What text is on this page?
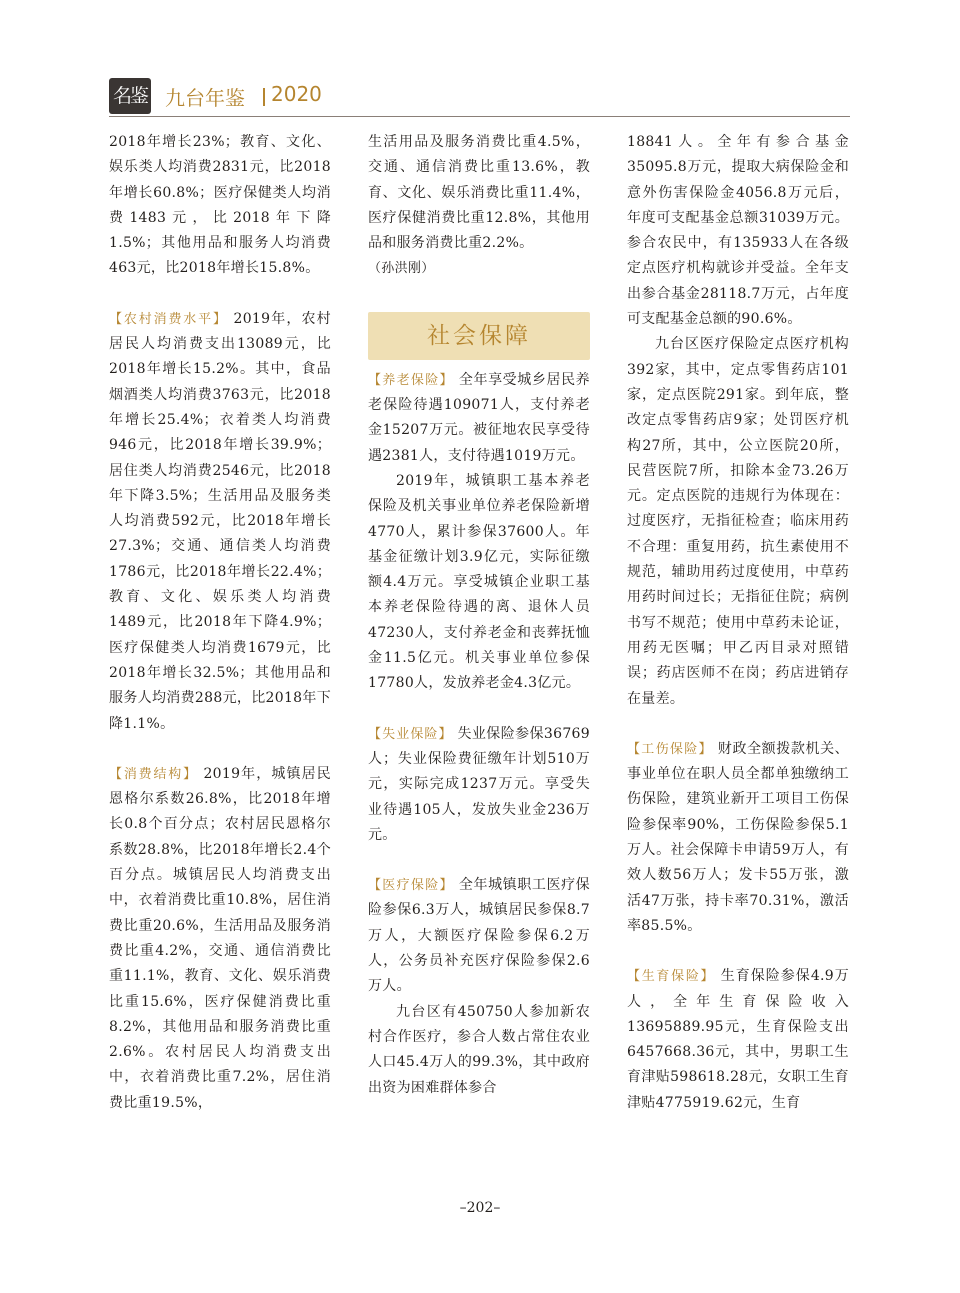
名鉴 九台年鉴 2020

2018年增长23%；教育、文化、娱乐类人均消费2831元，比2018年增长60.8%；医疗保健类人均消费1483元，比2018年下降1.5%；其他用品和服务人均消费463元，比2018年增长15.8%。

【农村消费水平】 2019年，农村居民人均消费支出13089元，比2018年增长15.2%。其中，食品烟酒类人均消费3763元，比2018年增长25.4%；衣着类人均消费946元，比2018年增长39.9%；居住类人均消费2546元，比2018年下降3.5%；生活用品及服务类人均消费592元，比2018年增长27.3%；交通、通信类人均消费1786元，比2018年增长22.4%；教育、文化、娱乐类人均消费1489元，比2018年下降4.9%；医疗保健类人均消费1679元，比2018年增长32.5%；其他用品和服务人均消费288元，比2018年下降1.1%。

【消费结构】 2019年，城镇居民恩格尔系数26.8%，比2018年增长0.8个百分点；农村居民恩格尔系数28.8%，比2018年增长2.4个百分点。城镇居民人均消费支出中，衣着消费比重10.8%，居住消费比重20.6%，生活用品及服务消费比重4.2%，交通、通信消费比重11.1%，教育、文化、娱乐消费比重15.6%，医疗保健消费比重8.2%，其他用品和服务消费比重2.6%。农村居民人均消费支出中，衣着消费比重7.2%，居住消费比重19.5%，

生活用品及服务消费比重4.5%，交通、通信消费比重13.6%，教育、文化、娱乐消费比重11.4%，医疗保健消费比重12.8%，其他用品和服务消费比重2.2%。

（孙洪刚）

社会保障

【养老保险】 全年享受城乡居民养老保险待遇109071人，支付养老金15207万元。被征地农民享受待遇2381人，支付待遇1019万元。

2019年，城镇职工基本养老保险及机关事业单位养老保险新增4770人，累计参保37600人。年基金征缴计划3.9亿元，实际征缴额4.4万元。享受城镇企业职工基本养老保险待遇的离、退休人员47230人，支付养老金和丧葬抚恤金11.5亿元。机关事业单位参保17780人，发放养老金4.3亿元。

【失业保险】 失业保险参保36769人；失业保险费征缴年计划510万元，实际完成1237万元。享受失业待遇105人，发放失业金236万元。

【医疗保险】 全年城镇职工医疗保险参保6.3万人，城镇居民参保8.7万人，大额医疗保险参保6.2万人，公务员补充医疗保险参保2.6万人。

九台区有450750人参加新农村合作医疗，参合人数占常住农业人口45.4万人的99.3%，其中政府出资为困难群体参合

18841人。全年有参合基金35095.8万元，提取大病保险金和意外伤害保险金4056.8万元后，年度可支配基金总额31039万元。参合农民中，有135933人在各级定点医疗机构就诊并受益。全年支出参合基金28118.7万元，占年度可支配基金总额的90.6%。

九台区医疗保险定点医疗机构392家，其中，定点零售药店101家，定点医院291家。到年底，整改定点零售药店9家；处罚医疗机构27所，其中，公立医院20所，民营医院7所，扣除本金73.26万元。定点医院的违规行为体现在：过度医疗，无指征检查；临床用药不合理：重复用药，抗生素使用不规范，辅助用药过度使用，中草药用药时间过长；无指征住院；病例书写不规范；使用中草药未论证，用药无医嘱；甲乙丙目录对照错误；药店医师不在岗；药店进销存在量差。

【工伤保险】 财政全额拨款机关、事业单位在职人员全都单独缴纳工伤保险，建筑业新开工项目工伤保险参保率90%，工伤保险参保5.1万人。社会保障卡申请59万人，有效人数56万人；发卡55万张，激活47万张，持卡率70.31%，激活率85.5%。

【生育保险】 生育保险参保4.9万人，全年生育保险收入13695889.95元，生育保险支出6457668.36元，其中，男职工生育津贴598618.28元，女职工生育津贴4775919.62元，生育

–202–
